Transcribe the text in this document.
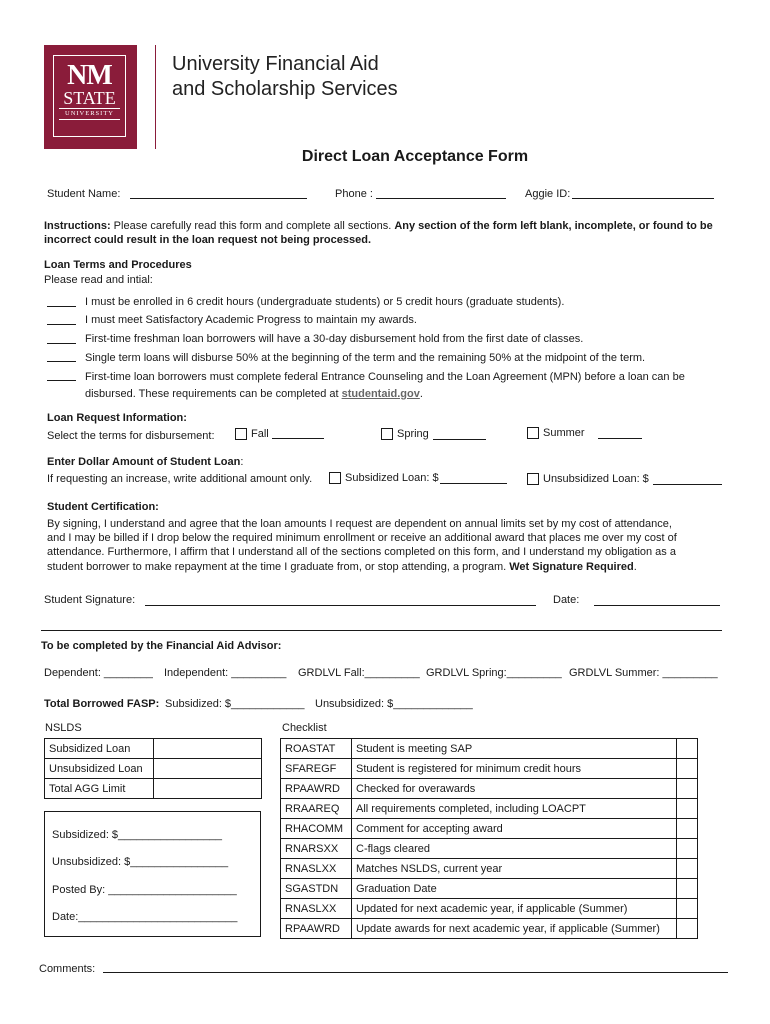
NM
STATE
UNIVERSITY
University Financial Aid
and Scholarship Services
Direct Loan Acceptance Form
Student Name:	Phone :	Aggie ID:
Instructions: Please carefully read this form and complete all sections. Any section of the form left blank, incomplete, or found to be
incorrect could result in the loan request not being processed.
Loan Terms and Procedures
Please read and intial:
I must be enrolled in 6 credit hours (undergraduate students) or 5 credit hours (graduate students).
I must meet Satisfactory Academic Progress to maintain my awards.
First-time freshman loan borrowers will have a 30-day disbursement hold from the first date of classes.
Single term loans will disburse 50% at the beginning of the term and the remaining 50% at the midpoint of the term.
First-time loan borrowers must complete federal Entrance Counseling and the Loan Agreement (MPN) before a loan can be
disbursed. These requirements can be completed at studentaid.gov.
Loan Request Information:
Select the terms for disbursement:	Fall	Spring	Summer
Enter Dollar Amount of Student Loan:
If requesting an increase, write additional amount only.	Subsidized Loan: $	Unsubsidized Loan: $
Student Certification:
By signing, I understand and agree that the loan amounts I request are dependent on annual limits set by my cost of attendance,
and I may be billed if I drop below the required minimum enrollment or receive an additional award that places me over my cost of
attendance. Furthermore, I affirm that I understand all of the sections completed on this form, and I understand my obligation as a
student borrower to make repayment at the time I graduate from, or stop attending, a program. Wet Signature Required.
Student Signature:	Date:
To be completed by the Financial Aid Advisor:
Dependent: ________ Independent: _________ GRDLVL Fall:_________ GRDLVL Spring:_________ GRDLVL Summer: _________
Total Borrowed FASP: Subsidized: $____________ Unsubsidized: $_____________
NSLDS
Subsidized Loan	
Unsubsidized Loan	
Total AGG Limit	
Subsidized: $_________________
Unsubsidized: $________________
Posted By: _____________________
Date:__________________________
Checklist
ROASTAT	Student is meeting SAP	
SFAREGF	Student is registered for minimum credit hours	
RPAAWRD	Checked for overawards	
RRAAREQ	All requirements completed, including LOACPT	
RHACOMM	Comment for accepting award	
RNARSXX	C-flags cleared	
RNASLXX	Matches NSLDS, current year	
SGASTDN	Graduation Date	
RNASLXX	Updated for next academic year, if applicable (Summer)	
RPAAWRD	Update awards for next academic year, if applicable (Summer)	
Comments:
